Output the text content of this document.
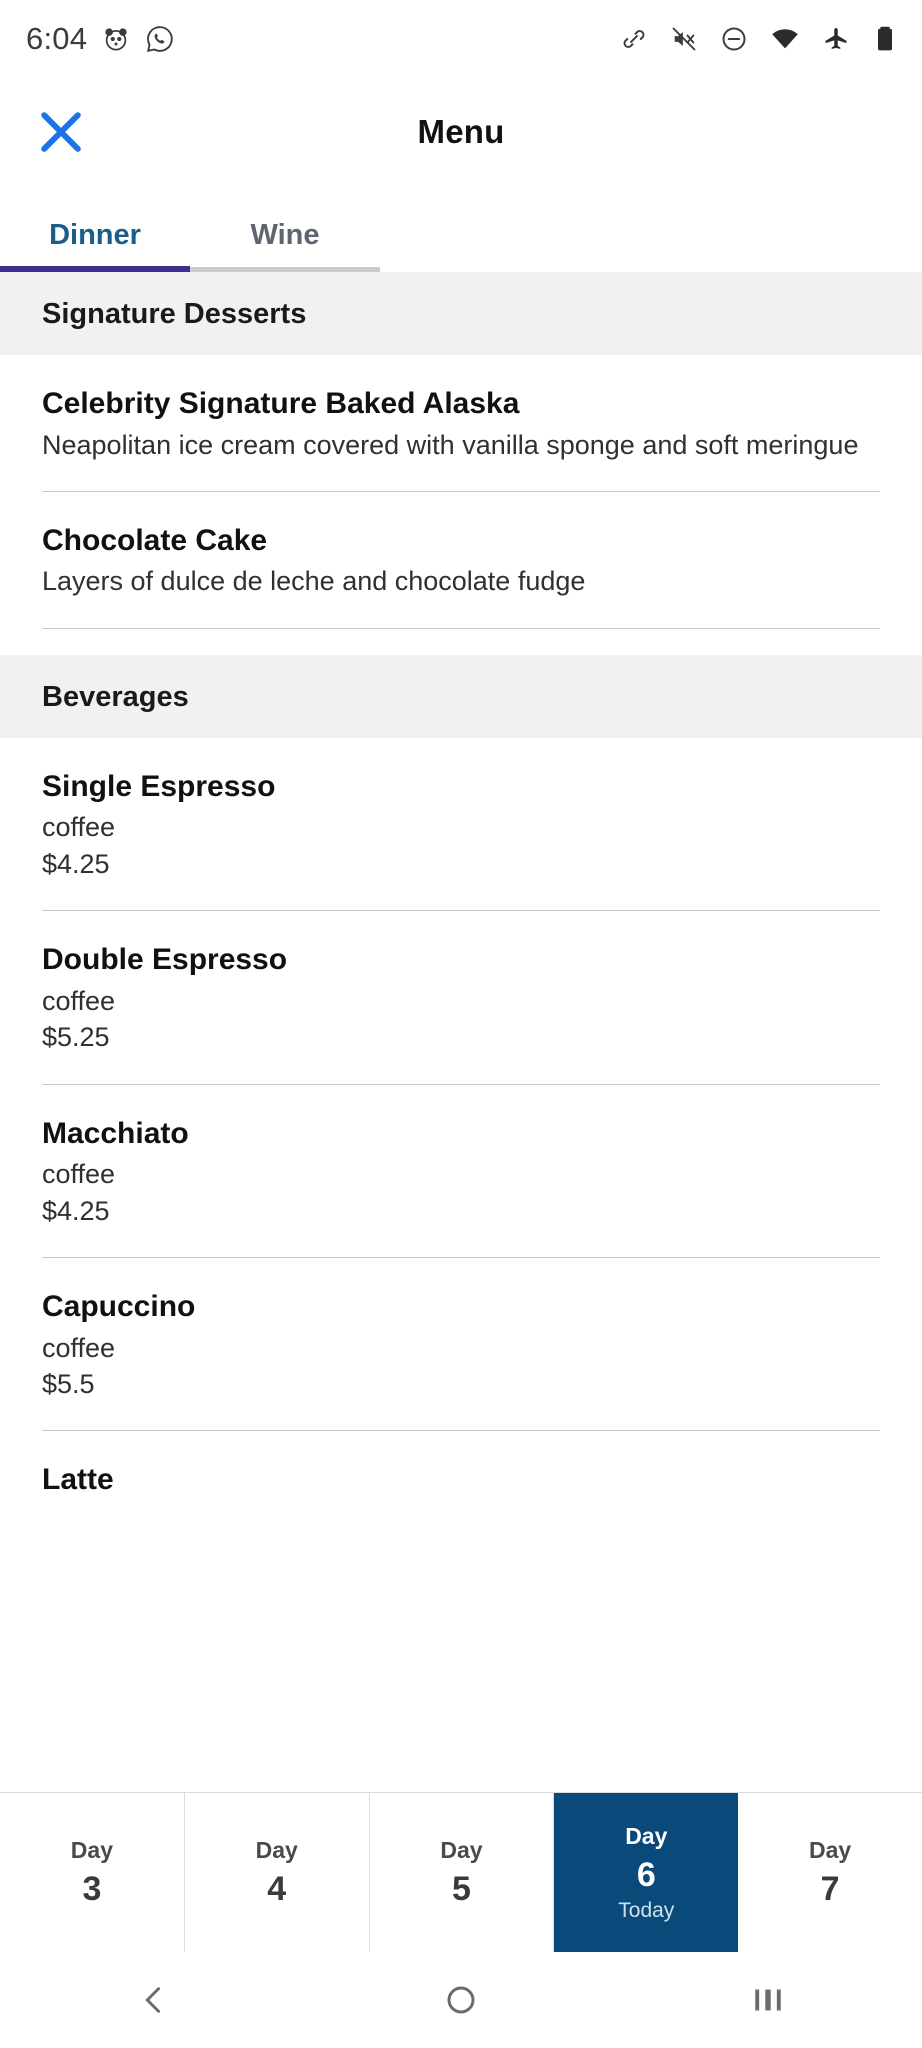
6:04
Menu
Dinner	Wine
Signature Desserts
Celebrity Signature Baked Alaska
Neapolitan ice cream covered with vanilla sponge and soft meringue
Chocolate Cake
Layers of dulce de leche and chocolate fudge
Beverages
Single Espresso
coffee
$4.25
Double Espresso
coffee
$5.25
Macchiato
coffee
$4.25
Capuccino
coffee
$5.5
Latte
Day
3
Day
4
Day
5
Day
6
Today
Day
7
